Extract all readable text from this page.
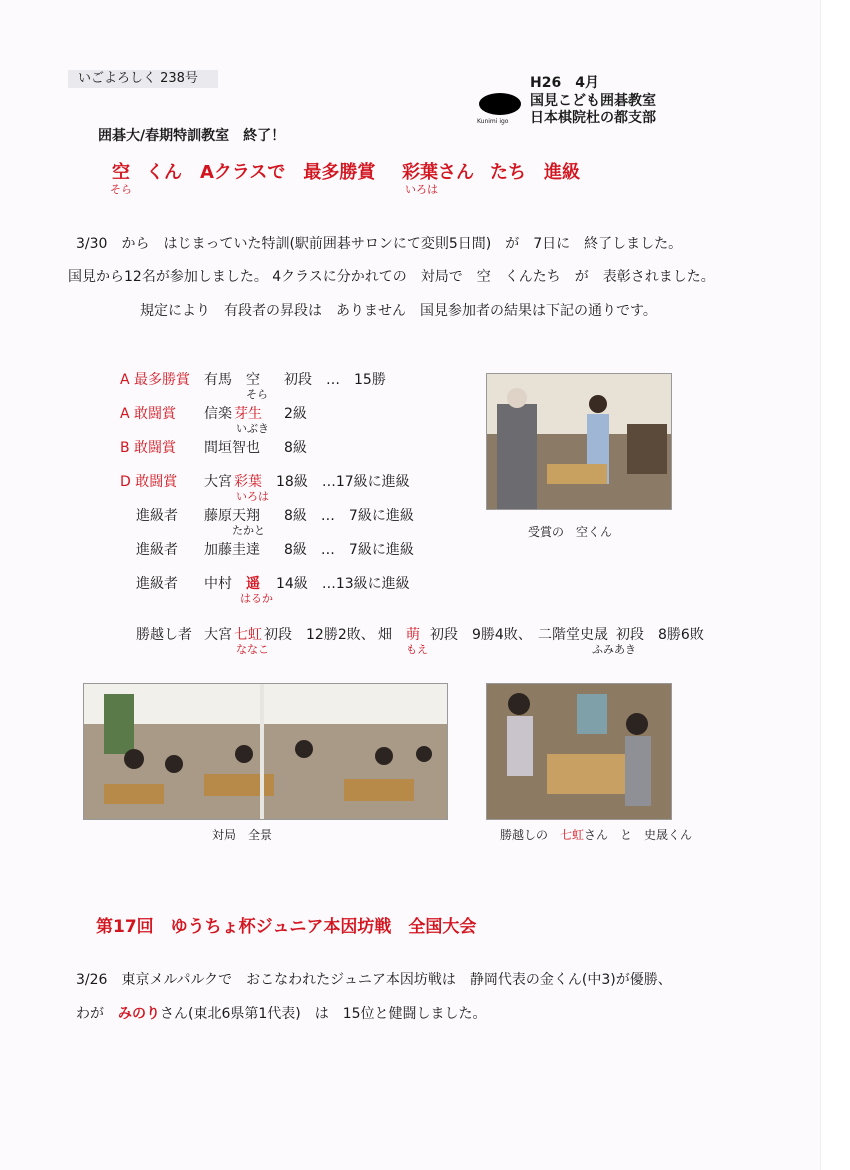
いごよろしく 238号	H26　4月
Kunimi igo
国見こども囲碁教室
日本棋院杜の都支部
囲碁大/春期特訓教室　終了！
空
そら
くん　Aクラスで　最多勝賞 彩葉さん
いろは
たち　進級
3/30　から　はじまっていた特訓(駅前囲碁サロンにて変則5日間)　が　7日に　終了しました。
国見から12名が参加しました。 4クラスに分かれての　対局で　空　くんたち　が　表彰されました。
規定により　有段者の昇段は　ありません　国見参加者の結果は下記の通りです。
A 最多勝賞 有馬　空
そら
初段　…　15勝
A 敢闘賞 信楽 芽生
いぶき
2級
B 敢闘賞 間垣智也 8級
D 敢闘賞 大宮 彩葉
いろは
18級　…17級に進級
進級者 藤原天翔
たかと
8級　…　7級に進級
進級者 加藤圭達 8級　…　7級に進級
進級者 中村　 遥
はるか
14級　…13級に進級
勝越し者 大宮 七虹
ななこ
初段　12勝2敗、 畑　 萌
もえ
初段　9勝4敗、 二階堂史晟
ふみあき
初段　8勝6敗
受賞の　空くん
対局　全景	勝越しの　七虹さん　と　史晟くん
第17回　ゆうちょ杯ジュニア本因坊戦　全国大会
3/26　東京メルパルクで　おこなわれたジュニア本因坊戦は　静岡代表の金くん(中3)が優勝、
わが　みのりさん(東北6県第1代表)　は　15位と健闘しました。
